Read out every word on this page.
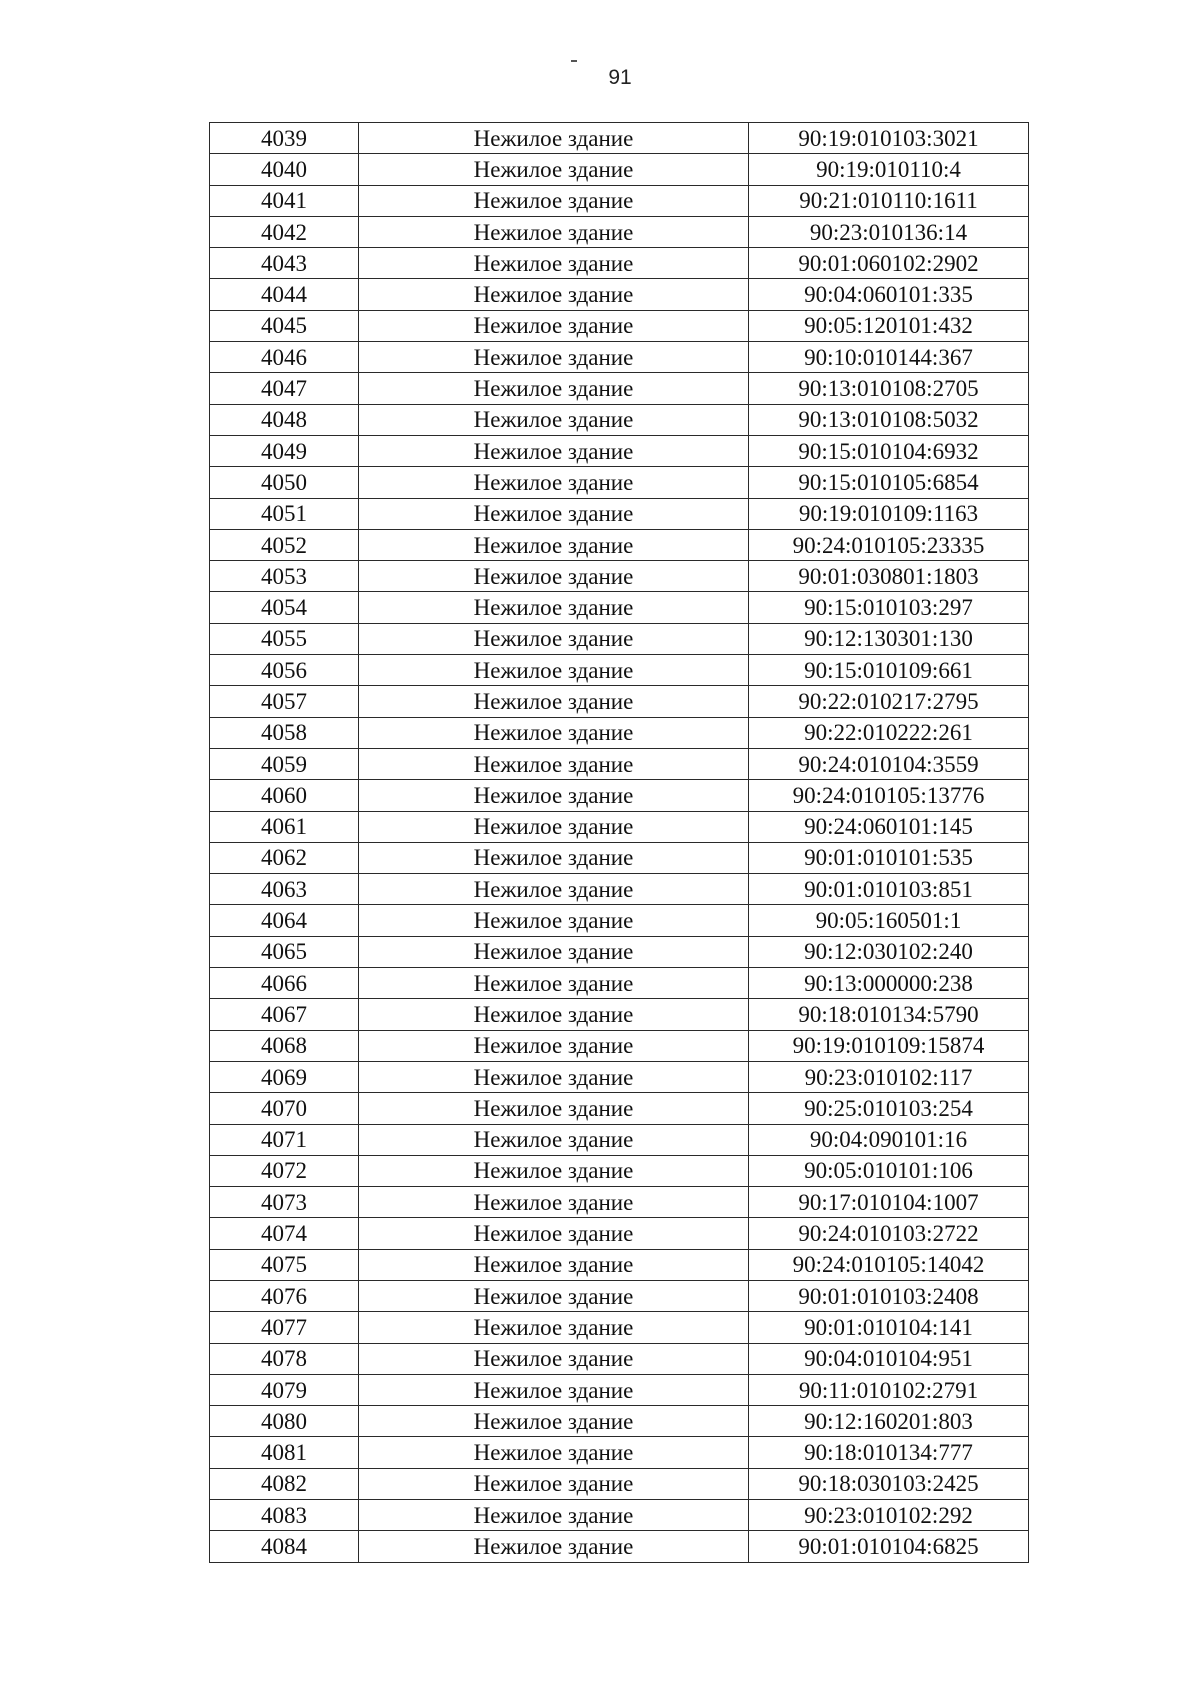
91
4039	Нежилое здание	90:19:010103:3021
4040	Нежилое здание	90:19:010110:4
4041	Нежилое здание	90:21:010110:1611
4042	Нежилое здание	90:23:010136:14
4043	Нежилое здание	90:01:060102:2902
4044	Нежилое здание	90:04:060101:335
4045	Нежилое здание	90:05:120101:432
4046	Нежилое здание	90:10:010144:367
4047	Нежилое здание	90:13:010108:2705
4048	Нежилое здание	90:13:010108:5032
4049	Нежилое здание	90:15:010104:6932
4050	Нежилое здание	90:15:010105:6854
4051	Нежилое здание	90:19:010109:1163
4052	Нежилое здание	90:24:010105:23335
4053	Нежилое здание	90:01:030801:1803
4054	Нежилое здание	90:15:010103:297
4055	Нежилое здание	90:12:130301:130
4056	Нежилое здание	90:15:010109:661
4057	Нежилое здание	90:22:010217:2795
4058	Нежилое здание	90:22:010222:261
4059	Нежилое здание	90:24:010104:3559
4060	Нежилое здание	90:24:010105:13776
4061	Нежилое здание	90:24:060101:145
4062	Нежилое здание	90:01:010101:535
4063	Нежилое здание	90:01:010103:851
4064	Нежилое здание	90:05:160501:1
4065	Нежилое здание	90:12:030102:240
4066	Нежилое здание	90:13:000000:238
4067	Нежилое здание	90:18:010134:5790
4068	Нежилое здание	90:19:010109:15874
4069	Нежилое здание	90:23:010102:117
4070	Нежилое здание	90:25:010103:254
4071	Нежилое здание	90:04:090101:16
4072	Нежилое здание	90:05:010101:106
4073	Нежилое здание	90:17:010104:1007
4074	Нежилое здание	90:24:010103:2722
4075	Нежилое здание	90:24:010105:14042
4076	Нежилое здание	90:01:010103:2408
4077	Нежилое здание	90:01:010104:141
4078	Нежилое здание	90:04:010104:951
4079	Нежилое здание	90:11:010102:2791
4080	Нежилое здание	90:12:160201:803
4081	Нежилое здание	90:18:010134:777
4082	Нежилое здание	90:18:030103:2425
4083	Нежилое здание	90:23:010102:292
4084	Нежилое здание	90:01:010104:6825
